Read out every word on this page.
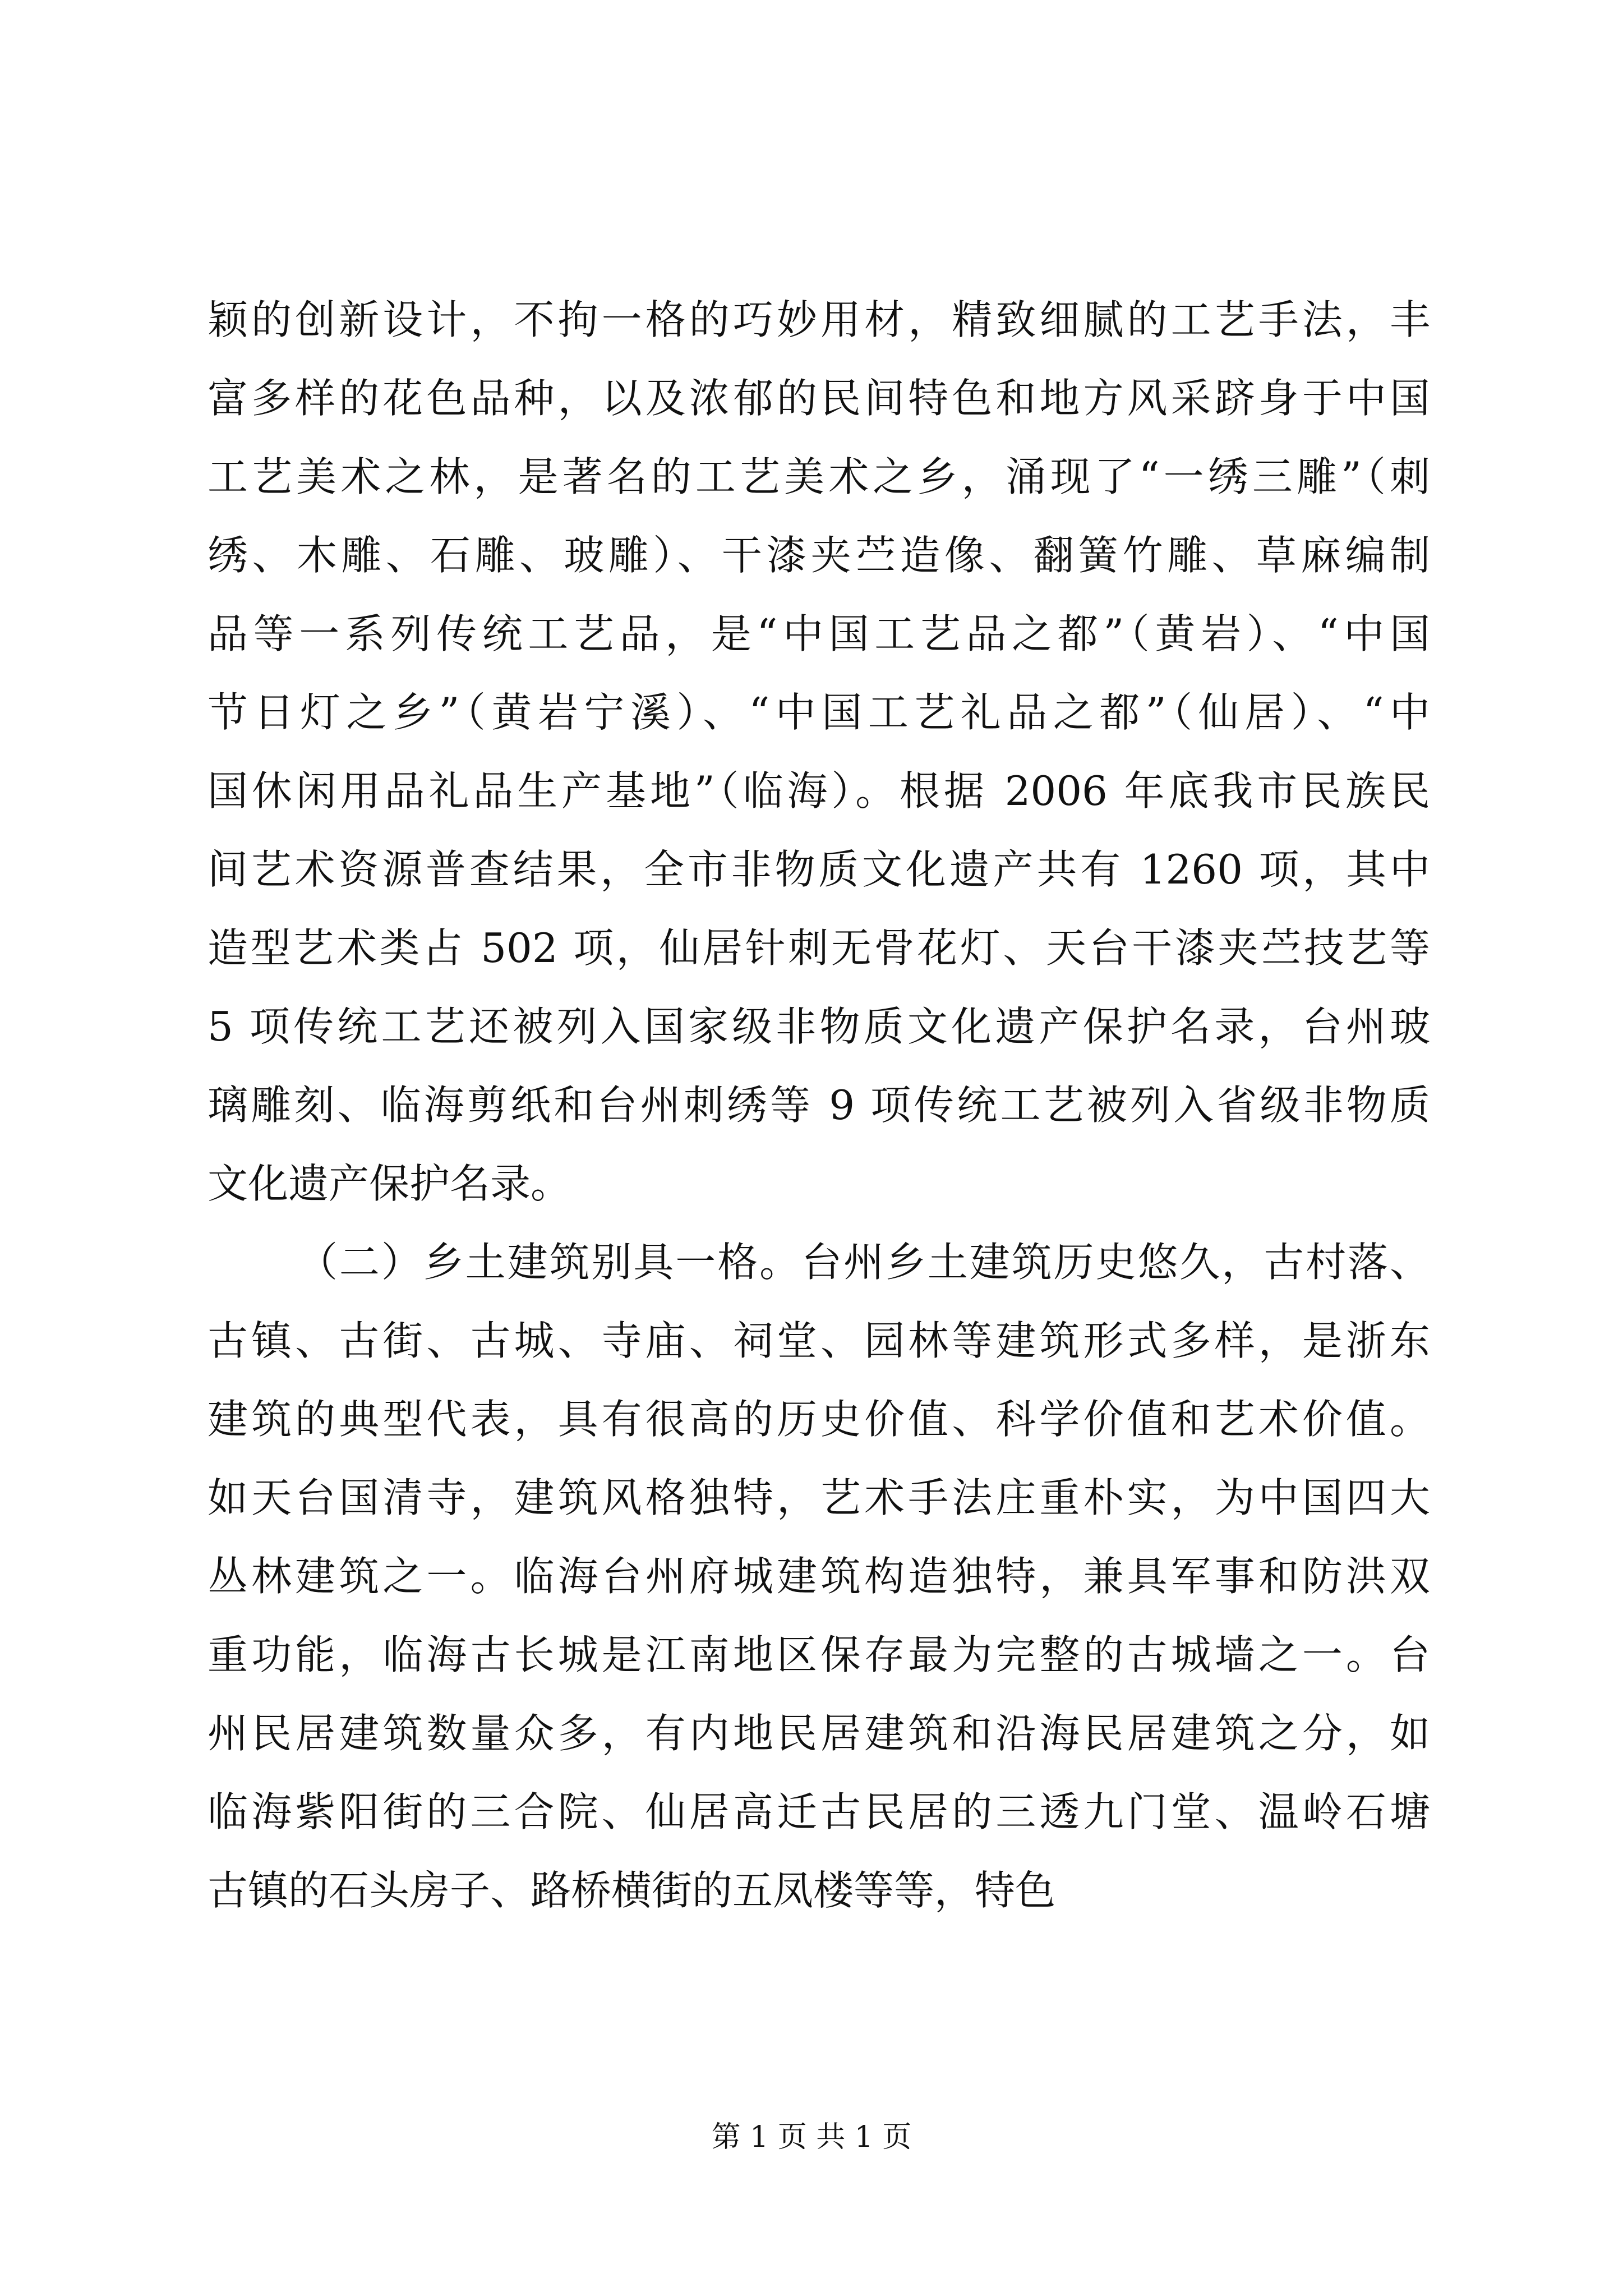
颖的创新设计，不拘一格的巧妙用材，精致细腻的工艺手法，丰
富多样的花色品种，以及浓郁的民间特色和地方风采跻身于中国
工艺美术之林，是著名的工艺美术之乡，涌现了“一绣三雕”（刺
绣、木雕、石雕、玻雕）、干漆夹苎造像、翻簧竹雕、草麻编制
品等一系列传统工艺品，是“中国工艺品之都”（黄岩）、“中国
节日灯之乡”（黄岩宁溪）、“中国工艺礼品之都”（仙居）、“中
国休闲用品礼品生产基地”（临海）。根据 2006 年底我市民族民
间艺术资源普查结果，全市非物质文化遗产共有 1260 项，其中
造型艺术类占 502 项，仙居针刺无骨花灯、天台干漆夹苎技艺等
5 项传统工艺还被列入国家级非物质文化遗产保护名录，台州玻
璃雕刻、临海剪纸和台州刺绣等 9 项传统工艺被列入省级非物质
文化遗产保护名录。
（二）乡土建筑别具一格。台州乡土建筑历史悠久，古村落、
古镇、古街、古城、寺庙、祠堂、园林等建筑形式多样，是浙东
建筑的典型代表，具有很高的历史价值、科学价值和艺术价值。
如天台国清寺，建筑风格独特，艺术手法庄重朴实，为中国四大
丛林建筑之一。临海台州府城建筑构造独特，兼具军事和防洪双
重功能，临海古长城是江南地区保存最为完整的古城墙之一。台
州民居建筑数量众多，有内地民居建筑和沿海民居建筑之分，如
临海紫阳街的三合院、仙居高迁古民居的三透九门堂、温岭石塘
古镇的石头房子、路桥横街的五凤楼等等，特色
第 1 页 共 1 页
